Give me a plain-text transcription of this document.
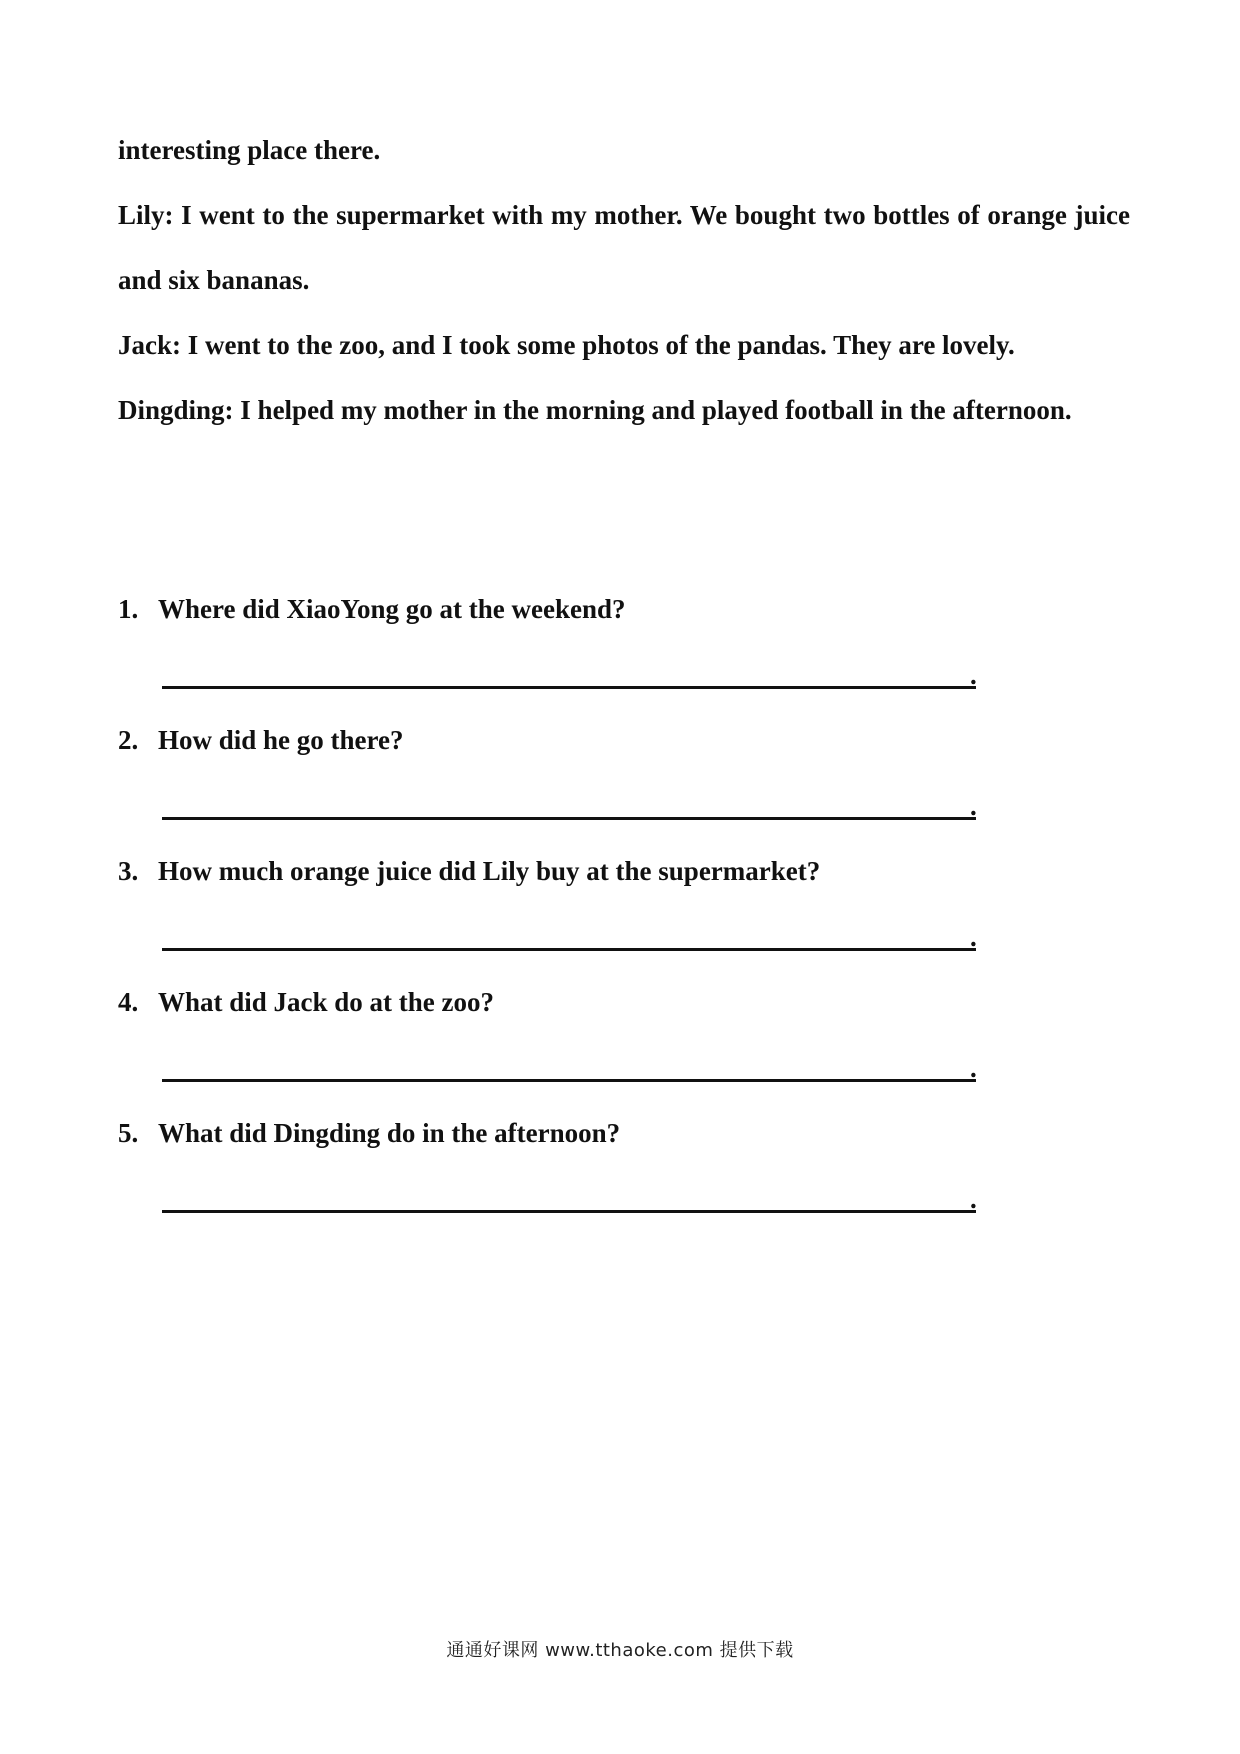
interesting place there.

Lily: I went to the supermarket with my mother. We bought two bottles of orange juice and six bananas.

Jack: I went to the zoo, and I took some photos of the pandas. They are lovely.

Dingding: I helped my mother in the morning and played football in the afternoon.

1. Where did XiaoYong go at the weekend?
.
2. How did he go there?
.
3. How much orange juice did Lily buy at the supermarket?
.
4. What did Jack do at the zoo?
.
5. What did Dingding do in the afternoon?
.
通通好课网 www.tthaoke.com 提供下载
